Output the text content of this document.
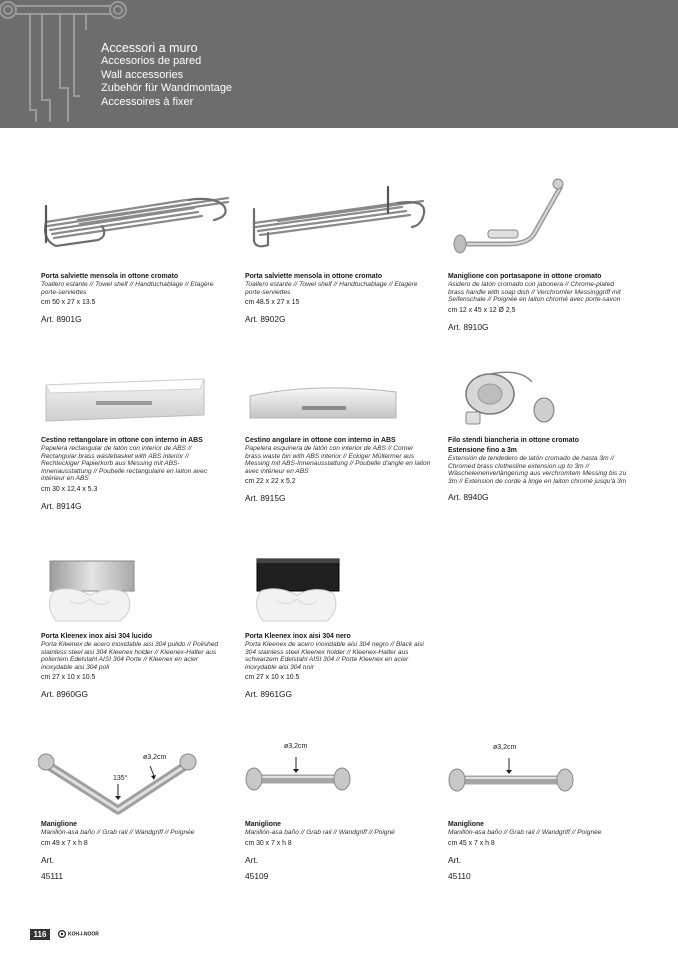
Accessori a muro
Accesorios de pared
Wall accessories
Zubehör für Wandmontage
Accessoires à fixer
Porta salviette mensola in ottone cromato
Toallero estante // Towel shelf // Handtuchablage // Etagère porte-serviettes
cm 50 x 27 x 13.5
Art. 8901G
Porta salviette mensola in ottone cromato
Toallero estante // Towel shelf // Handtuchablage // Etagère porte-serviettes
cm 48.5 x 27 x 15
Art. 8902G
Maniglione con portasapone in ottone cromato
Asidero de latón cromado con jabonera // Chrome-plated brass handle with soap dish // Verchromter Messinggriff mit Seifenschale // Poignée en laiton chromé avec porte-savon
cm 12 x 45 x 12 Ø 2,5
Art. 8910G
Cestino rettangolare in ottone con interno in ABS
Papelera rectangular de latón con interior de ABS // Rectangular brass wastebasket with ABS interior // Rechteckiger Papierkorb aus Messing mit ABS-Innenausstattung // Poubelle rectangulaire en laiton avec intérieur en ABS
cm 30 x 12,4 x 5.3
Art. 8914G
Cestino angolare in ottone con interno in ABS
Papelera esquinera de latón con interior de ABS // Corner brass waste bin with ABS interior // Eckiger Müllermer aus Messing mit ABS-Innenausstattung // Poubelle d'angle en laiton avec intérieur en ABS
cm 22 x 22 x 5.2
Art. 8915G
Filo stendi biancheria in ottone cromato
Estensione fino a 3m
Extensión de tendedero de latón cromado de hasta 3m // Chromed brass clothesline extension up to 3m // Wäscheleinenverlängerung aus verchromtem Messing bis zu 3m // Extension de corde à linge en laiton chromé jusqu'à 3m
Art. 8940G
Porta Kleenex inox aisi 304 lucido
Porta Kleenex de acero inoxidable aisi 304 pulido // Polished stainless steel aisi 304 Kleenex holder // Kleenex-Halter aus poliertem Edelstahl AISI 304 Porte // Kleenex en acier inoxydable aisi 304 poli
cm 27 x 10 x 10.5
Art. 8960GG
Porta Kleenex inox aisi 304 nero
Porta Kleenex de acero inoxidable aisi 304 negro // Black aisi 304 stainless steel Kleenex holder // Kleenex-Halter aus schwarzem Edelstahl AISI 304 // Porte Kleenex en acier inoxydable aisi 304 noir
cm 27 x 10 x 10.5
Art. 8961GG
ø3,2cm
135°
ø3,2cm	ø3,2cm
Maniglione
Manillón-asa baño // Grab rail // Wandgriff // Poignée
cm 49 x 7 x h 8
Art.
45111
Maniglione
Manillón-asa baño // Grab rail // Wandgriff // Poigné
cm 30 x 7 x h 8
Art.
45109
Maniglione
Manillón-asa baño // Grab rail // Wandgriff // Poignée
cm 45 x 7 x h 8
Art.
45110
116	KOH-I-NOOR
